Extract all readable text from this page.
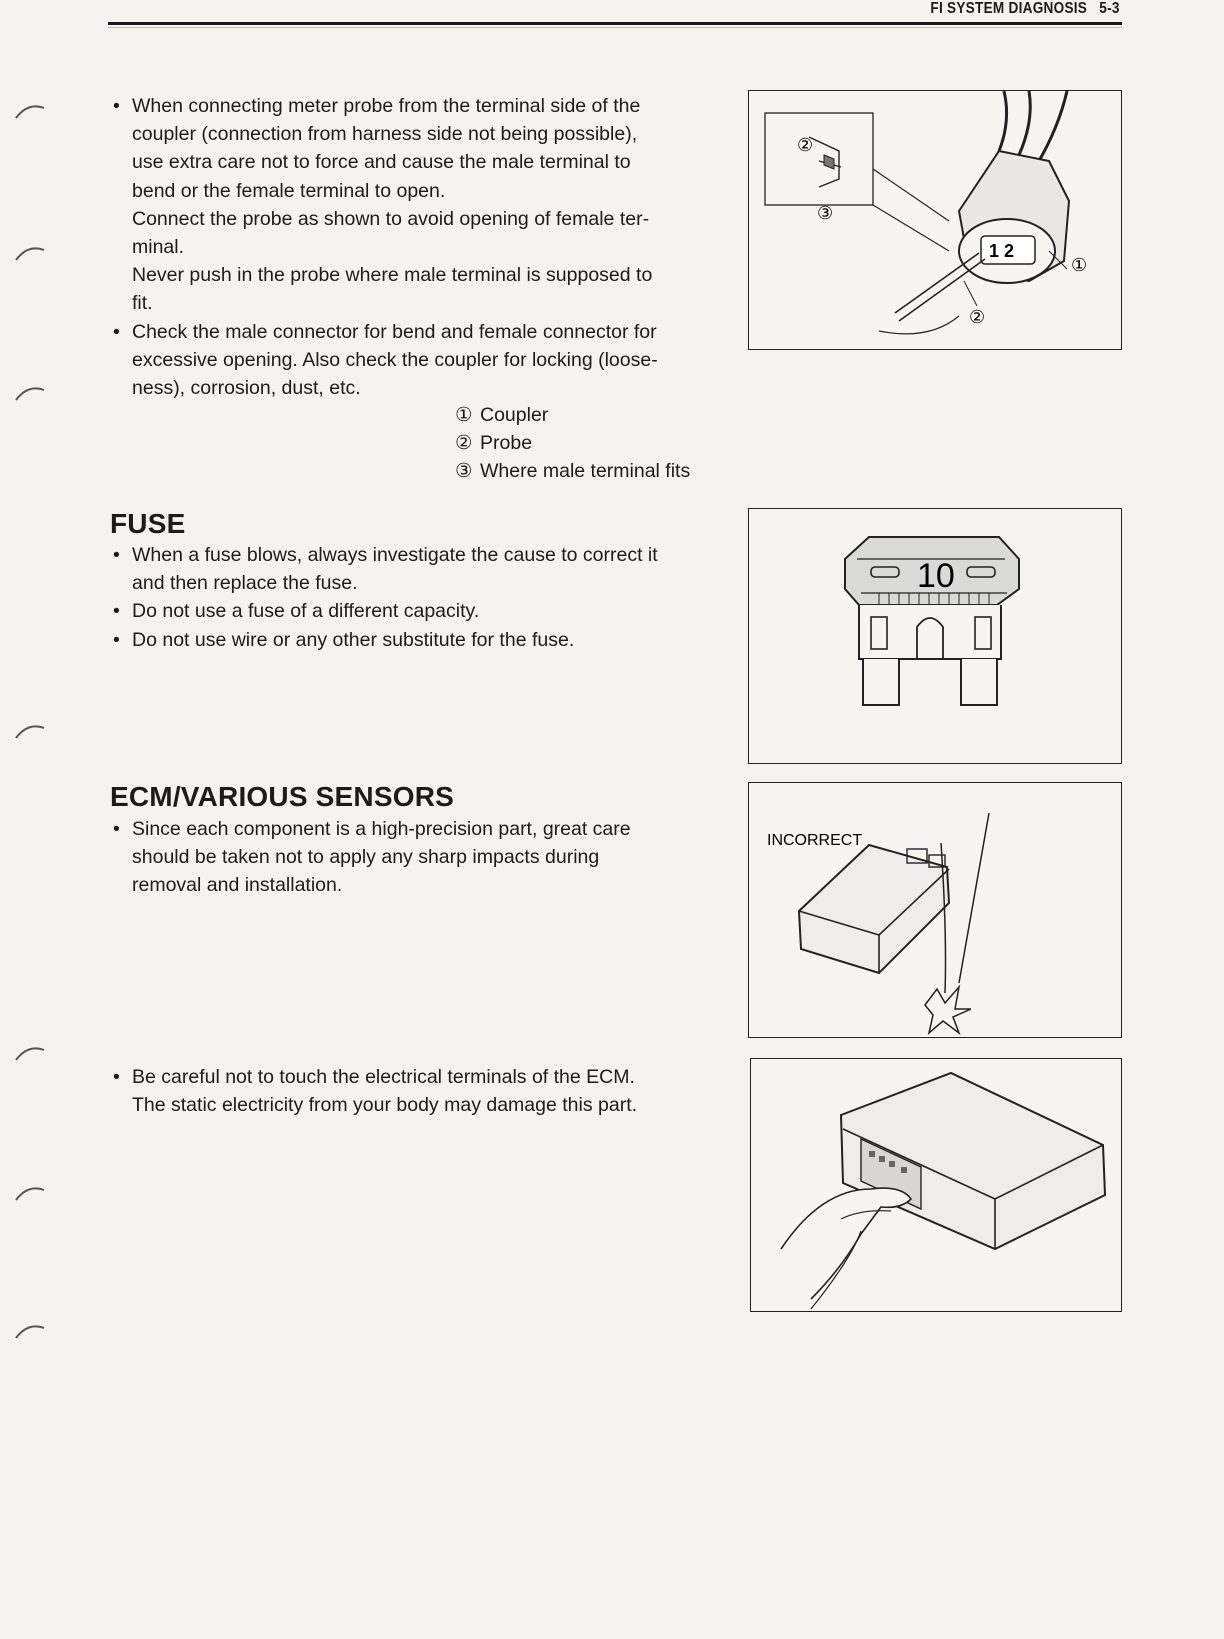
FI SYSTEM DIAGNOSIS 5-3
• When connecting meter probe from the terminal side of the
coupler (connection from harness side not being possible),
use extra care not to force and cause the male terminal to
bend or the female terminal to open.
Connect the probe as shown to avoid opening of female ter-
minal.
Never push in the probe where male terminal is supposed to
fit.
• Check the male connector for bend and female connector for
excessive opening. Also check the coupler for locking (loose-
ness), corrosion, dust, etc.
① Coupler
② Probe
③ Where male terminal fits
1 2
②
③
①
②
FUSE
• When a fuse blows, always investigate the cause to correct it
and then replace the fuse.
• Do not use a fuse of a different capacity.
• Do not use wire or any other substitute for the fuse.
10
ECM/VARIOUS SENSORS
• Since each component is a high-precision part, great care
should be taken not to apply any sharp impacts during
removal and installation.
INCORRECT
• Be careful not to touch the electrical terminals of the ECM.
The static electricity from your body may damage this part.
